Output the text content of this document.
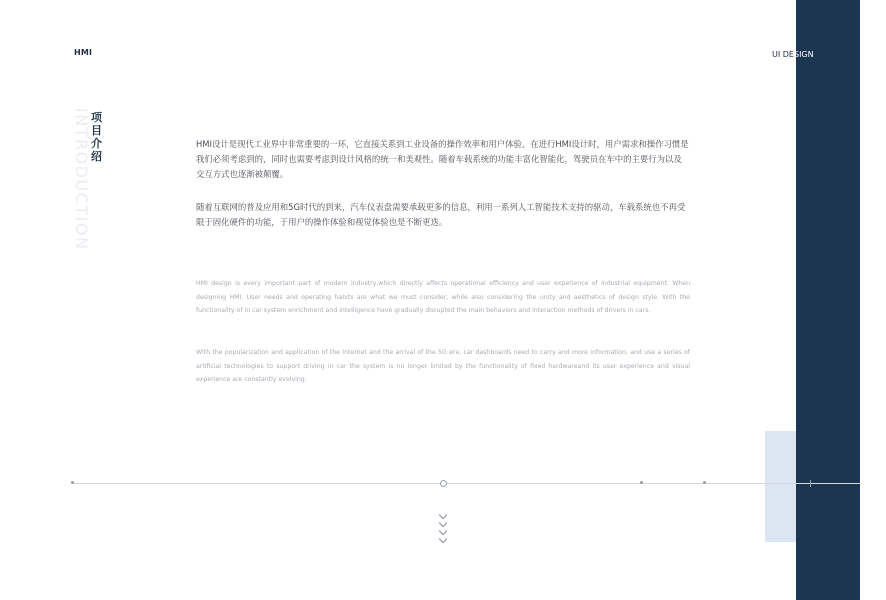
HMI	UI DESIGN
INTRODUCTION 项目介绍
HMI设计是现代工业界中非常重要的一环，它直接关系到工业设备的操作效率和用户体验。在进行HMI设计时，用户需求和操作习惯是我们必须考虑到的，同时也需要考虑到设计风格的统一和美观性。随着车载系统的功能丰富化智能化，驾驶员在车中的主要行为以及交互方式也逐渐被颠覆。
随着互联网的普及应用和5G时代的到来，汽车仪表盘需要承载更多的信息，利用一系列人工智能技术支持的驱动，车载系统也不再受限于固化硬件的功能，于用户的操作体验和视觉体验也是不断更迭。
HMI design is every important part of modern industry,which directly affects operational efficiency and user experience of industrial equipment. When designing HMI, User needs and operating habits are what we must consider, while also considering the unity and aesthetics of design style. With the functionality of in car system enrichment and intelligence have gradually disrupted the main behaviors and interaction methods of drivers in cars.
With the popularization and application of the Internet and the arrival of the 5G era, car dashboards need to carry and more information, and use a series of artificial technologies to support driving in car the system is no longer limited by the functionality of fixed hardwareand its user experience and visual experience are constantly evolving.
